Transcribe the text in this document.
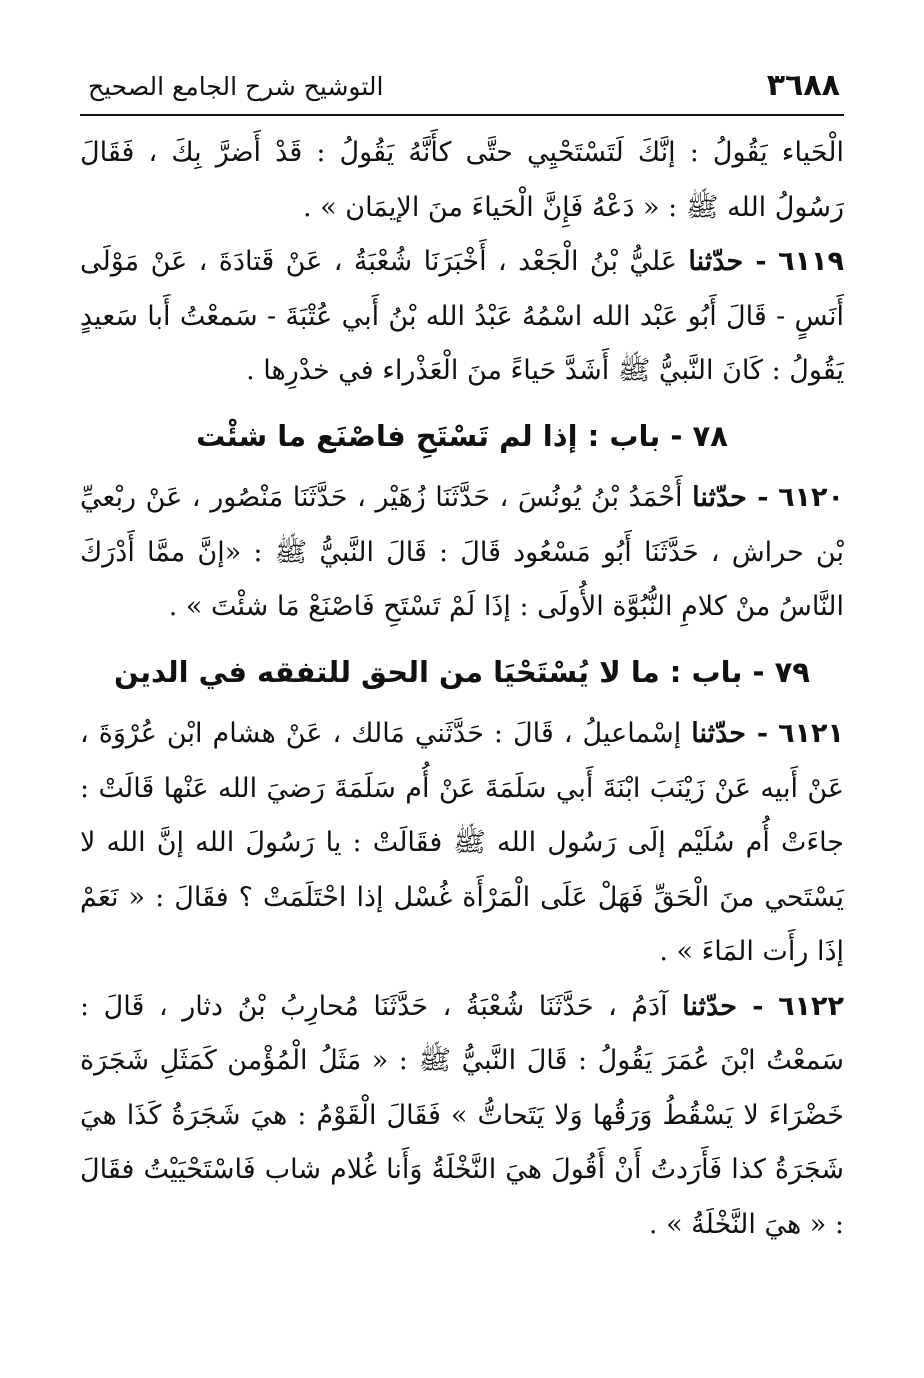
٣٦٨٨
التوشيح شرح الجامع الصحيح

الْحَياء يَقُولُ : إنَّكَ لَتَسْتَحْيِي حتَّى كأَنَّهُ يَقُولُ : قَدْ أَضرَّ بِكَ ، فَقَالَ رَسُولُ الله ﷺ : « دَعْهُ فَإِنَّ الْحَياءَ منَ الإيمَان » .

٦١١٩ - حدّثنا عَليُّ بْنُ الْجَعْد ، أَخْبَرَنَا شُعْبَةُ ، عَنْ قَتادَةَ ، عَنْ مَوْلَى أَنَسٍ - قَالَ أَبُو عَبْد الله اسْمُهُ عَبْدُ الله بْنُ أَبي عُتْبَةَ - سَمعْتُ أَبا سَعيدٍ يَقُولُ : كَانَ النَّبيُّ ﷺ أَشَدَّ حَياءً منَ الْعَذْراء في خدْرِها .

٧٨ - باب : إذا لم تَسْتَحِ فاصْنَع ما شئْت

٦١٢٠ - حدّثنا أَحْمَدُ بْنُ يُونُسَ ، حَدَّثَنَا زُهَيْر ، حَدَّثَنَا مَنْصُور ، عَنْ ربْعيِّ بْن حراش ، حَدَّثَنَا أَبُو مَسْعُود قَالَ : قَالَ النَّبيُّ ﷺ : «إنَّ ممَّا أَدْرَكَ النَّاسُ منْ كلامِ النُّبُوَّة الأُولَى : إذَا لَمْ تَسْتَحِ فَاصْنَعْ مَا شئْتَ » .

٧٩ - باب : ما لا يُسْتَحْيَا من الحق للتفقه في الدين

٦١٢١ - حدّثنا إسْماعيلُ ، قَالَ : حَدَّثَني مَالك ، عَنْ هشام ابْن عُرْوَةَ ، عَنْ أَبيه عَنْ زَيْنَبَ ابْنَةَ أَبي سَلَمَةَ عَنْ أُم سَلَمَةَ رَضيَ الله عَنْها قَالَتْ : جاءَتْ أُم سُلَيْم إلَى رَسُول الله ﷺ فقَالَتْ : يا رَسُولَ الله إنَّ الله لا يَسْتَحي منَ الْحَقِّ فَهَلْ عَلَى الْمَرْأَة غُسْل إذا احْتَلَمَتْ ؟ فقَالَ : « نَعَمْ إذَا رأَت المَاءَ » .

٦١٢٢ - حدّثنا آدَمُ ، حَدَّثَنَا شُعْبَةُ ، حَدَّثَنَا مُحارِبُ بْنُ دثار ، قَالَ : سَمعْتُ ابْنَ عُمَرَ يَقُولُ : قَالَ النَّبيُّ ﷺ : « مَثَلُ الْمُؤْمن كَمَثَلِ شَجَرَة خَضْرَاءَ لا يَسْقُطُ وَرَقُها وَلا يَتَحاتُّ » فَقَالَ الْقَوْمُ : هيَ شَجَرَةُ كَذَا هيَ شَجَرَةُ كذا فَأَرَدتُ أَنْ أَقُولَ هيَ النَّخْلَةُ وَأَنا غُلام شاب فَاسْتَحْيَيْتُ فقَالَ : « هيَ النَّخْلَةُ » .
